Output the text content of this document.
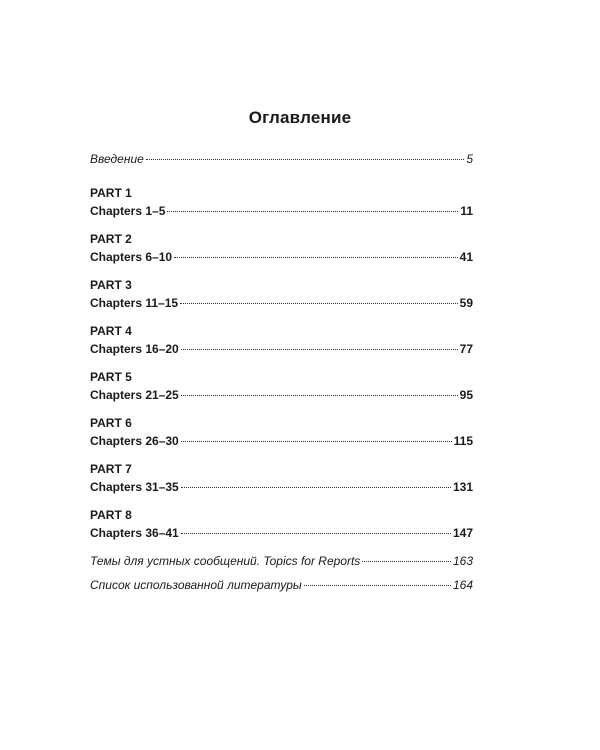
Оглавление
Введение	5
PART 1
Chapters 1–5	11
PART 2
Chapters 6–10	41
PART 3
Chapters 11–15	59
PART 4
Chapters 16–20	77
PART 5
Chapters 21–25	95
PART 6
Chapters 26–30	115
PART 7
Chapters 31–35	131
PART 8
Chapters 36–41	147
Темы для устных сообщений. Topics for Reports	163
Список использованной литературы	164
